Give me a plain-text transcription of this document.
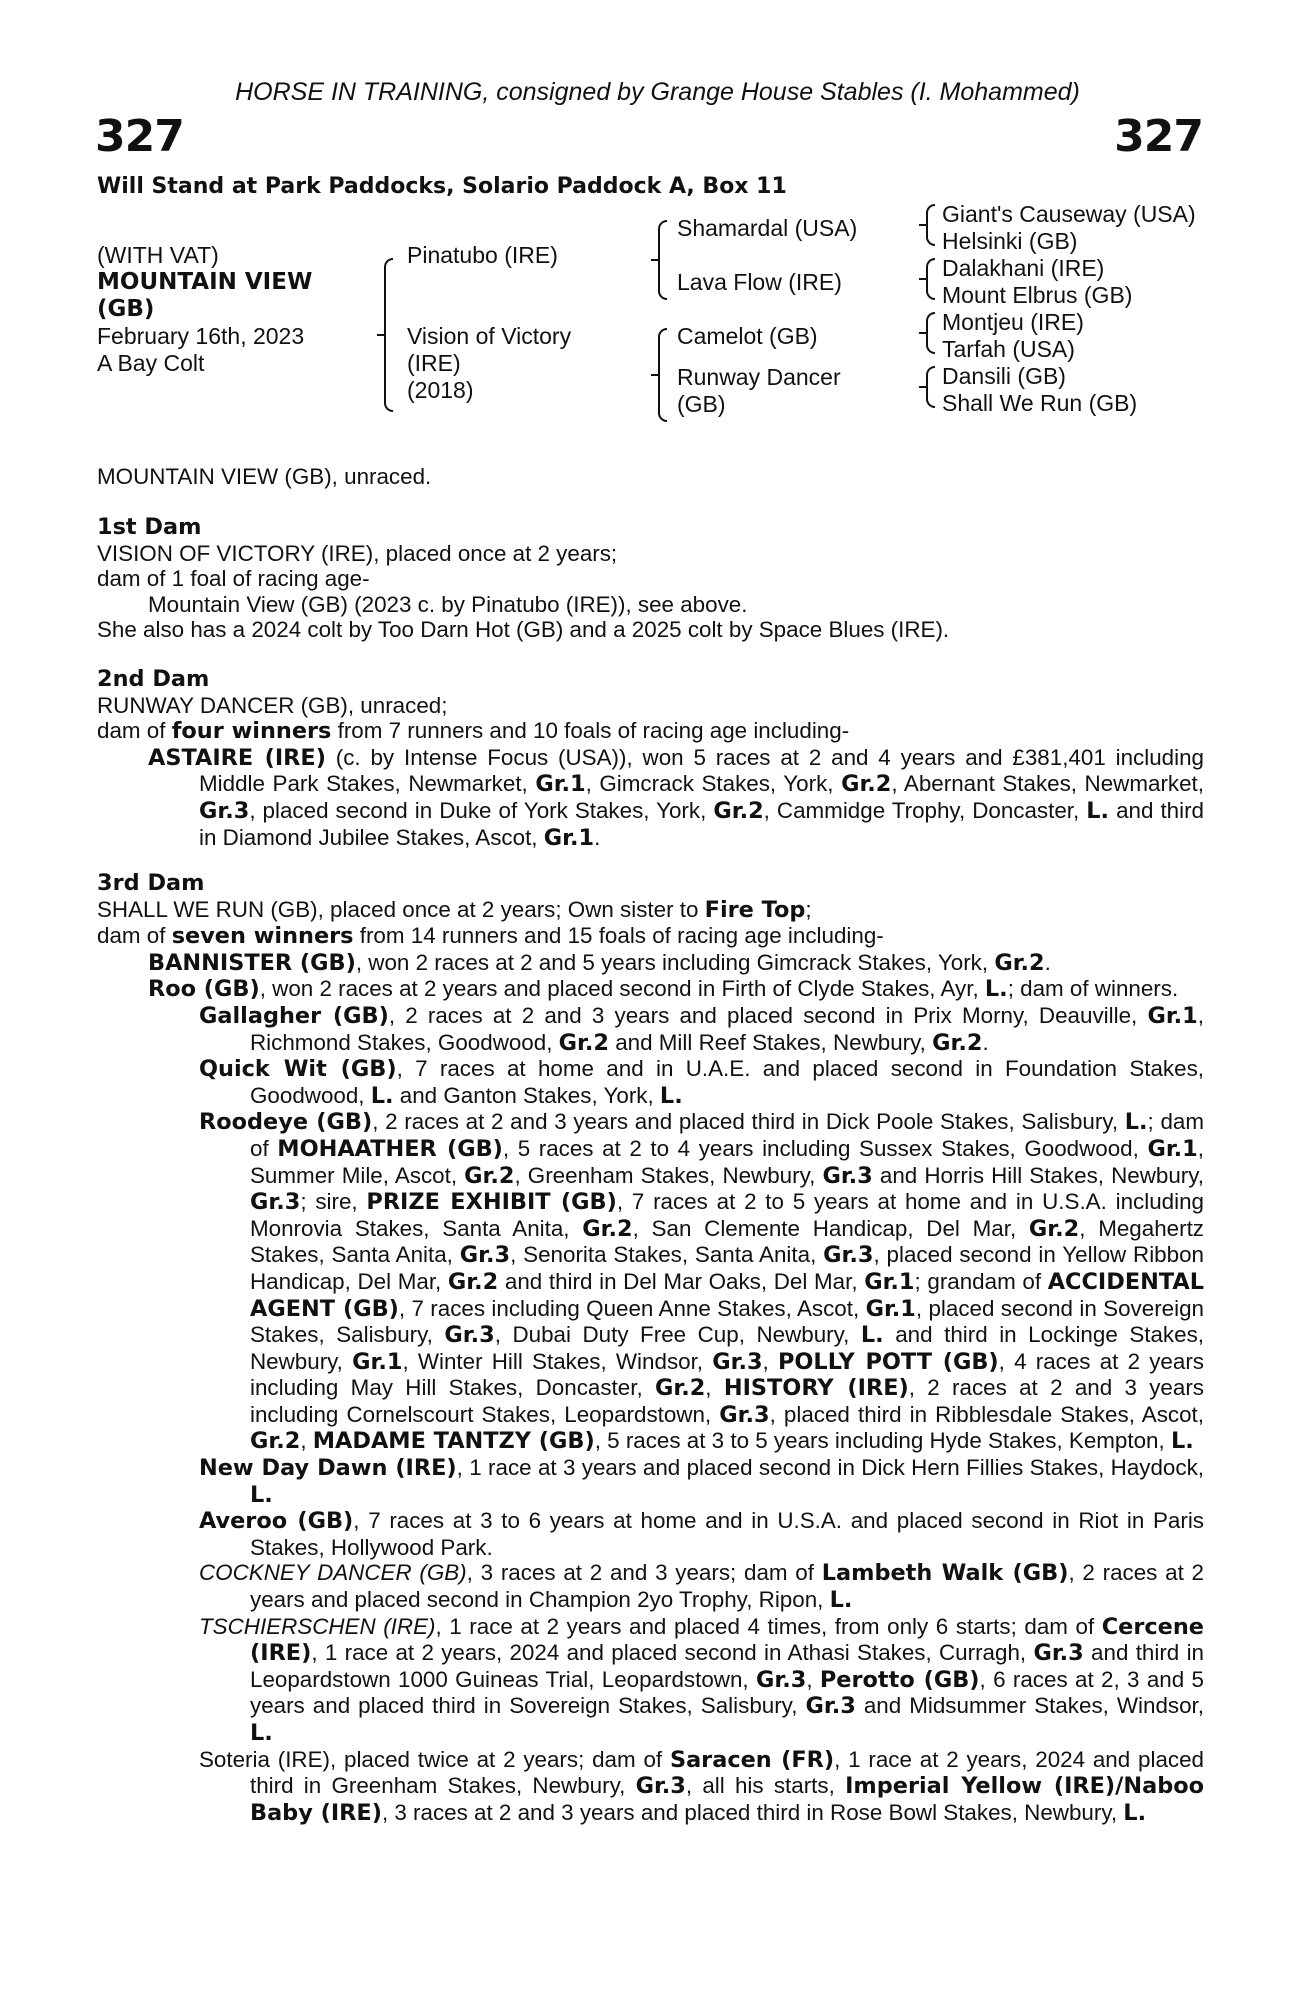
HORSE IN TRAINING, consigned by Grange House Stables (I. Mohammed)
327	327
Will Stand at Park Paddocks, Solario Paddock A, Box 11
(WITH VAT)
MOUNTAIN VIEW
(GB)
February 16th, 2023
A Bay Colt
Pinatubo (IRE)
Vision of Victory
(IRE)
(2018)
Shamardal (USA)
Lava Flow (IRE)
Camelot (GB)
Runway Dancer
(GB)
Giant's Causeway (USA)
Helsinki (GB)
Dalakhani (IRE)
Mount Elbrus (GB)
Montjeu (IRE)
Tarfah (USA)
Dansili (GB)
Shall We Run (GB)
MOUNTAIN VIEW (GB), unraced.

1st Dam

VISION OF VICTORY (IRE), placed once at 2 years;

dam of 1 foal of racing age-

Mountain View (GB) (2023 c. by Pinatubo (IRE)), see above.

She also has a 2024 colt by Too Darn Hot (GB) and a 2025 colt by Space Blues (IRE).

2nd Dam

RUNWAY DANCER (GB), unraced;

dam of four winners from 7 runners and 10 foals of racing age including-

ASTAIRE (IRE) (c. by Intense Focus (USA)), won 5 races at 2 and 4 years and £381,401 including Middle Park Stakes, Newmarket, Gr.1, Gimcrack Stakes, York, Gr.2, Abernant Stakes, Newmarket, Gr.3, placed second in Duke of York Stakes, York, Gr.2, Cammidge Trophy, Doncaster, L. and third in Diamond Jubilee Stakes, Ascot, Gr.1.

3rd Dam

SHALL WE RUN (GB), placed once at 2 years; Own sister to Fire Top;

dam of seven winners from 14 runners and 15 foals of racing age including-

BANNISTER (GB), won 2 races at 2 and 5 years including Gimcrack Stakes, York, Gr.2.

Roo (GB), won 2 races at 2 years and placed second in Firth of Clyde Stakes, Ayr, L.; dam of winners.

Gallagher (GB), 2 races at 2 and 3 years and placed second in Prix Morny, Deauville, Gr.1, Richmond Stakes, Goodwood, Gr.2 and Mill Reef Stakes, Newbury, Gr.2.

Quick Wit (GB), 7 races at home and in U.A.E. and placed second in Foundation Stakes, Goodwood, L. and Ganton Stakes, York, L.

Roodeye (GB), 2 races at 2 and 3 years and placed third in Dick Poole Stakes, Salisbury, L.; dam of MOHAATHER (GB), 5 races at 2 to 4 years including Sussex Stakes, Goodwood, Gr.1, Summer Mile, Ascot, Gr.2, Greenham Stakes, Newbury, Gr.3 and Horris Hill Stakes, Newbury, Gr.3; sire, PRIZE EXHIBIT (GB), 7 races at 2 to 5 years at home and in U.S.A. including Monrovia Stakes, Santa Anita, Gr.2, San Clemente Handicap, Del Mar, Gr.2, Megahertz Stakes, Santa Anita, Gr.3, Senorita Stakes, Santa Anita, Gr.3, placed second in Yellow Ribbon Handicap, Del Mar, Gr.2 and third in Del Mar Oaks, Del Mar, Gr.1; grandam of ACCIDENTAL AGENT (GB), 7 races including Queen Anne Stakes, Ascot, Gr.1, placed second in Sovereign Stakes, Salisbury, Gr.3, Dubai Duty Free Cup, Newbury, L. and third in Lockinge Stakes, Newbury, Gr.1, Winter Hill Stakes, Windsor, Gr.3, POLLY POTT (GB), 4 races at 2 years including May Hill Stakes, Doncaster, Gr.2, HISTORY (IRE), 2 races at 2 and 3 years including Cornelscourt Stakes, Leopardstown, Gr.3, placed third in Ribblesdale Stakes, Ascot, Gr.2, MADAME TANTZY (GB), 5 races at 3 to 5 years including Hyde Stakes, Kempton, L.

New Day Dawn (IRE), 1 race at 3 years and placed second in Dick Hern Fillies Stakes, Haydock, L.

Averoo (GB), 7 races at 3 to 6 years at home and in U.S.A. and placed second in Riot in Paris Stakes, Hollywood Park.

COCKNEY DANCER (GB), 3 races at 2 and 3 years; dam of Lambeth Walk (GB), 2 races at 2 years and placed second in Champion 2yo Trophy, Ripon, L.

TSCHIERSCHEN (IRE), 1 race at 2 years and placed 4 times, from only 6 starts; dam of Cercene (IRE), 1 race at 2 years, 2024 and placed second in Athasi Stakes, Curragh, Gr.3 and third in Leopardstown 1000 Guineas Trial, Leopardstown, Gr.3, Perotto (GB), 6 races at 2, 3 and 5 years and placed third in Sovereign Stakes, Salisbury, Gr.3 and Midsummer Stakes, Windsor, L.

Soteria (IRE), placed twice at 2 years; dam of Saracen (FR), 1 race at 2 years, 2024 and placed third in Greenham Stakes, Newbury, Gr.3, all his starts, Imperial Yellow (IRE)/Naboo Baby (IRE), 3 races at 2 and 3 years and placed third in Rose Bowl Stakes, Newbury, L.
